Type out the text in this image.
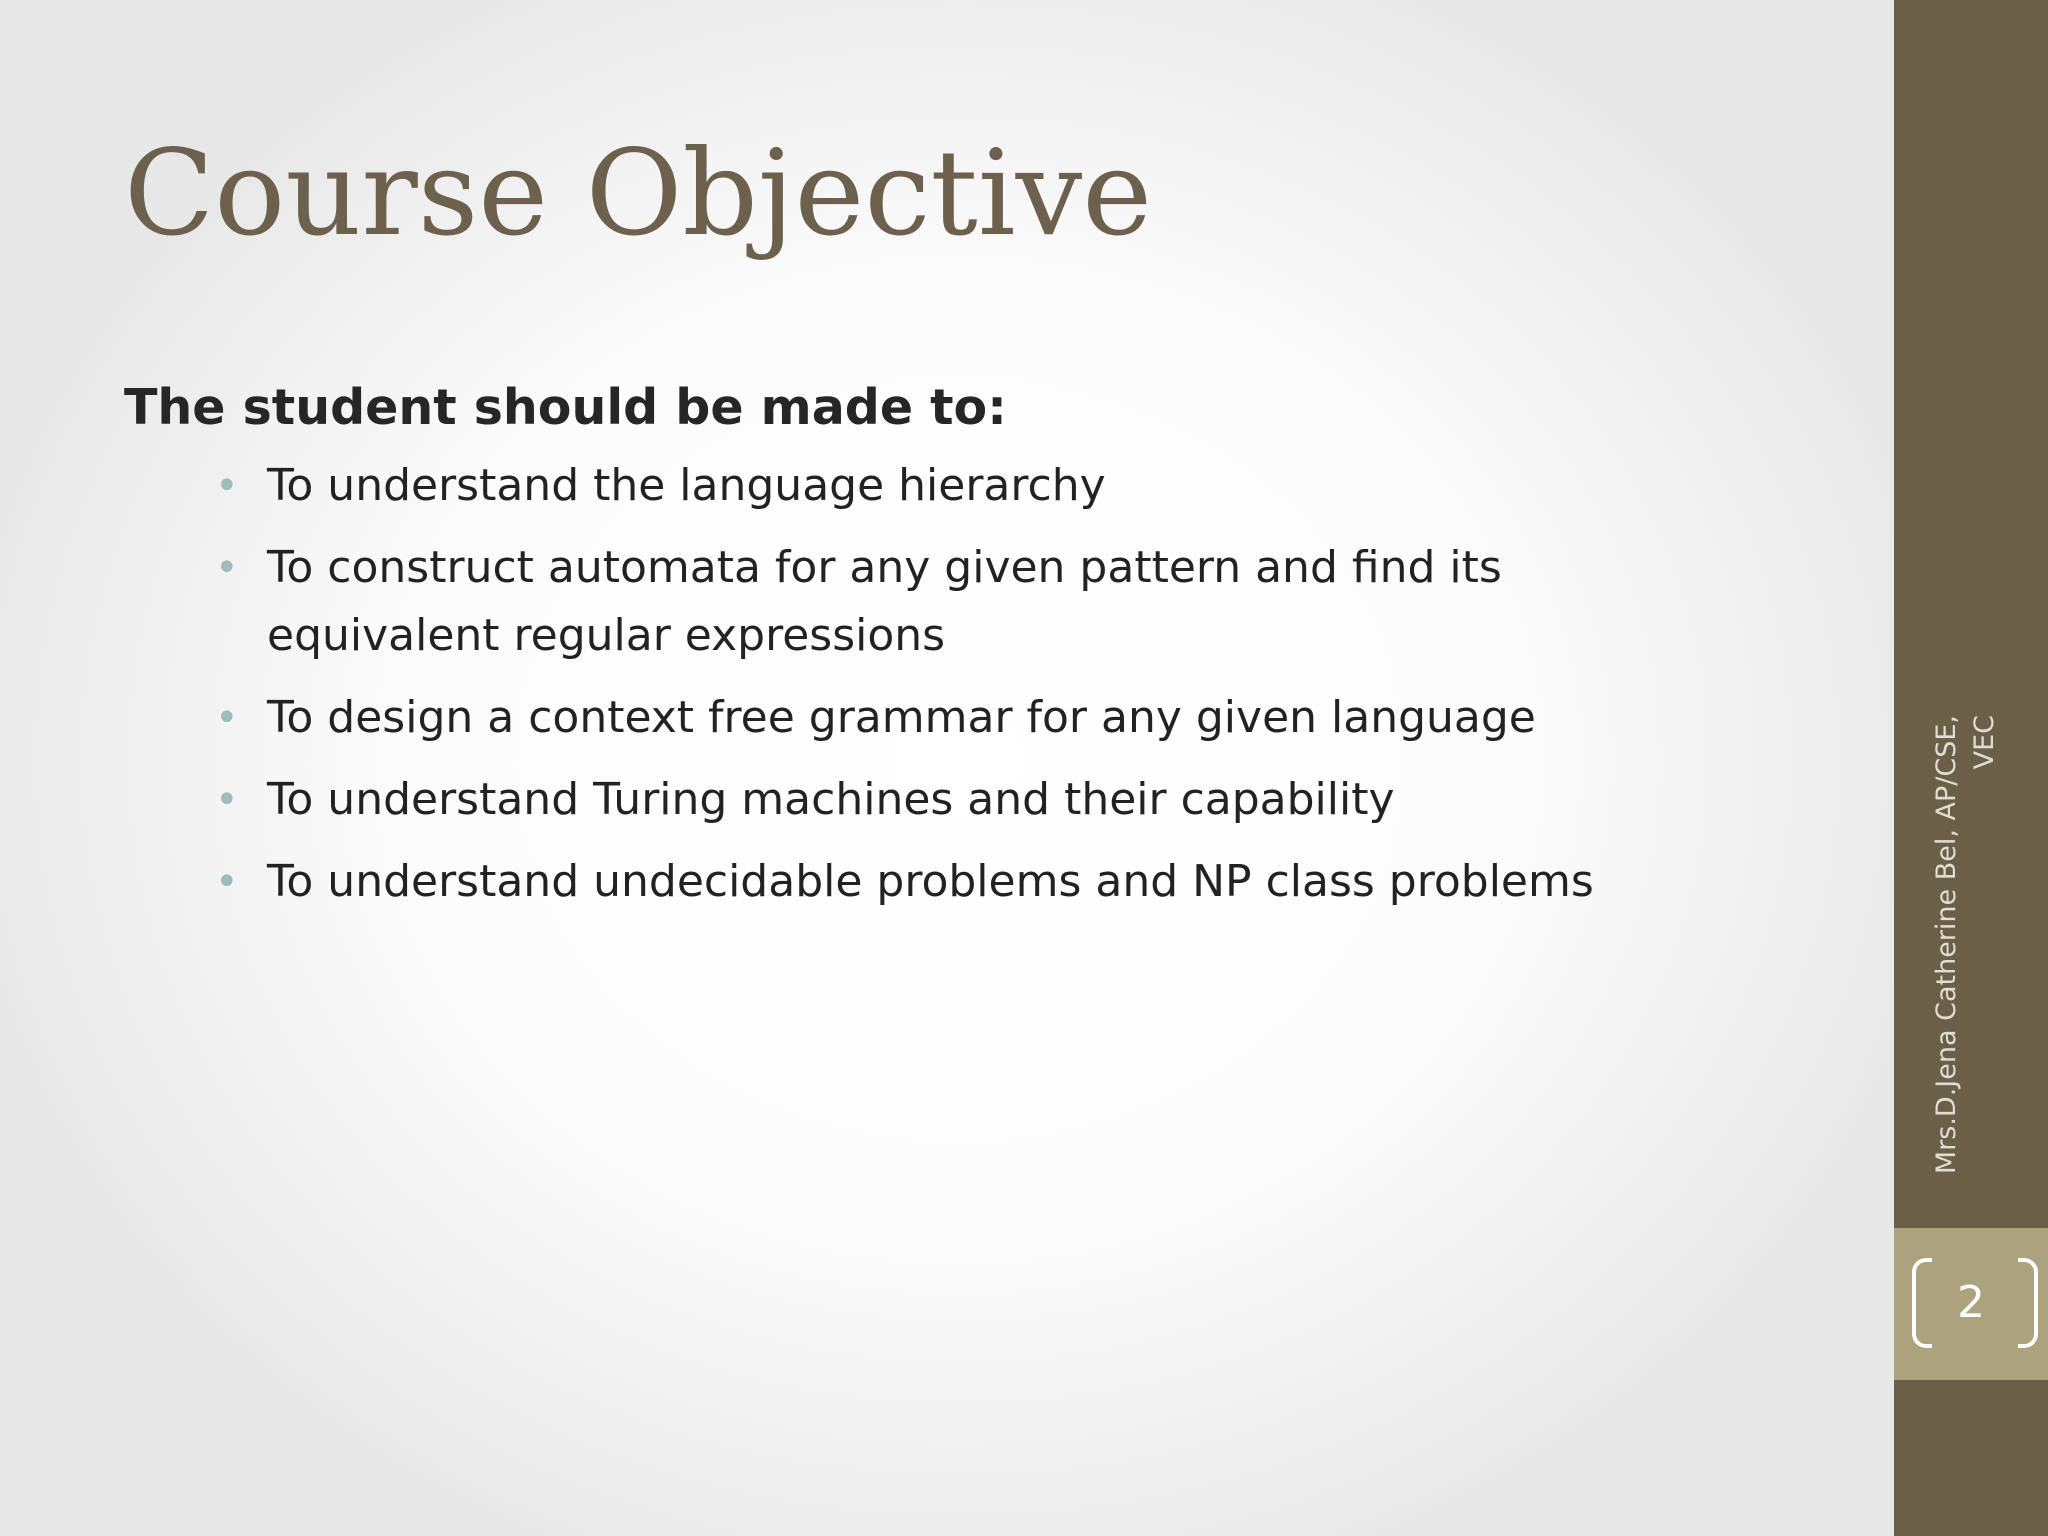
Course Objective

The student should be made to:

• To understand the language hierarchy
• To construct automata for any given pattern and find its equivalent regular expressions
• To design a context free grammar for any given language
• To understand Turing machines and their capability
• To understand undecidable problems and NP class problems	Mrs.D.Jena Catherine Bel, AP/CSE, VEC
2
